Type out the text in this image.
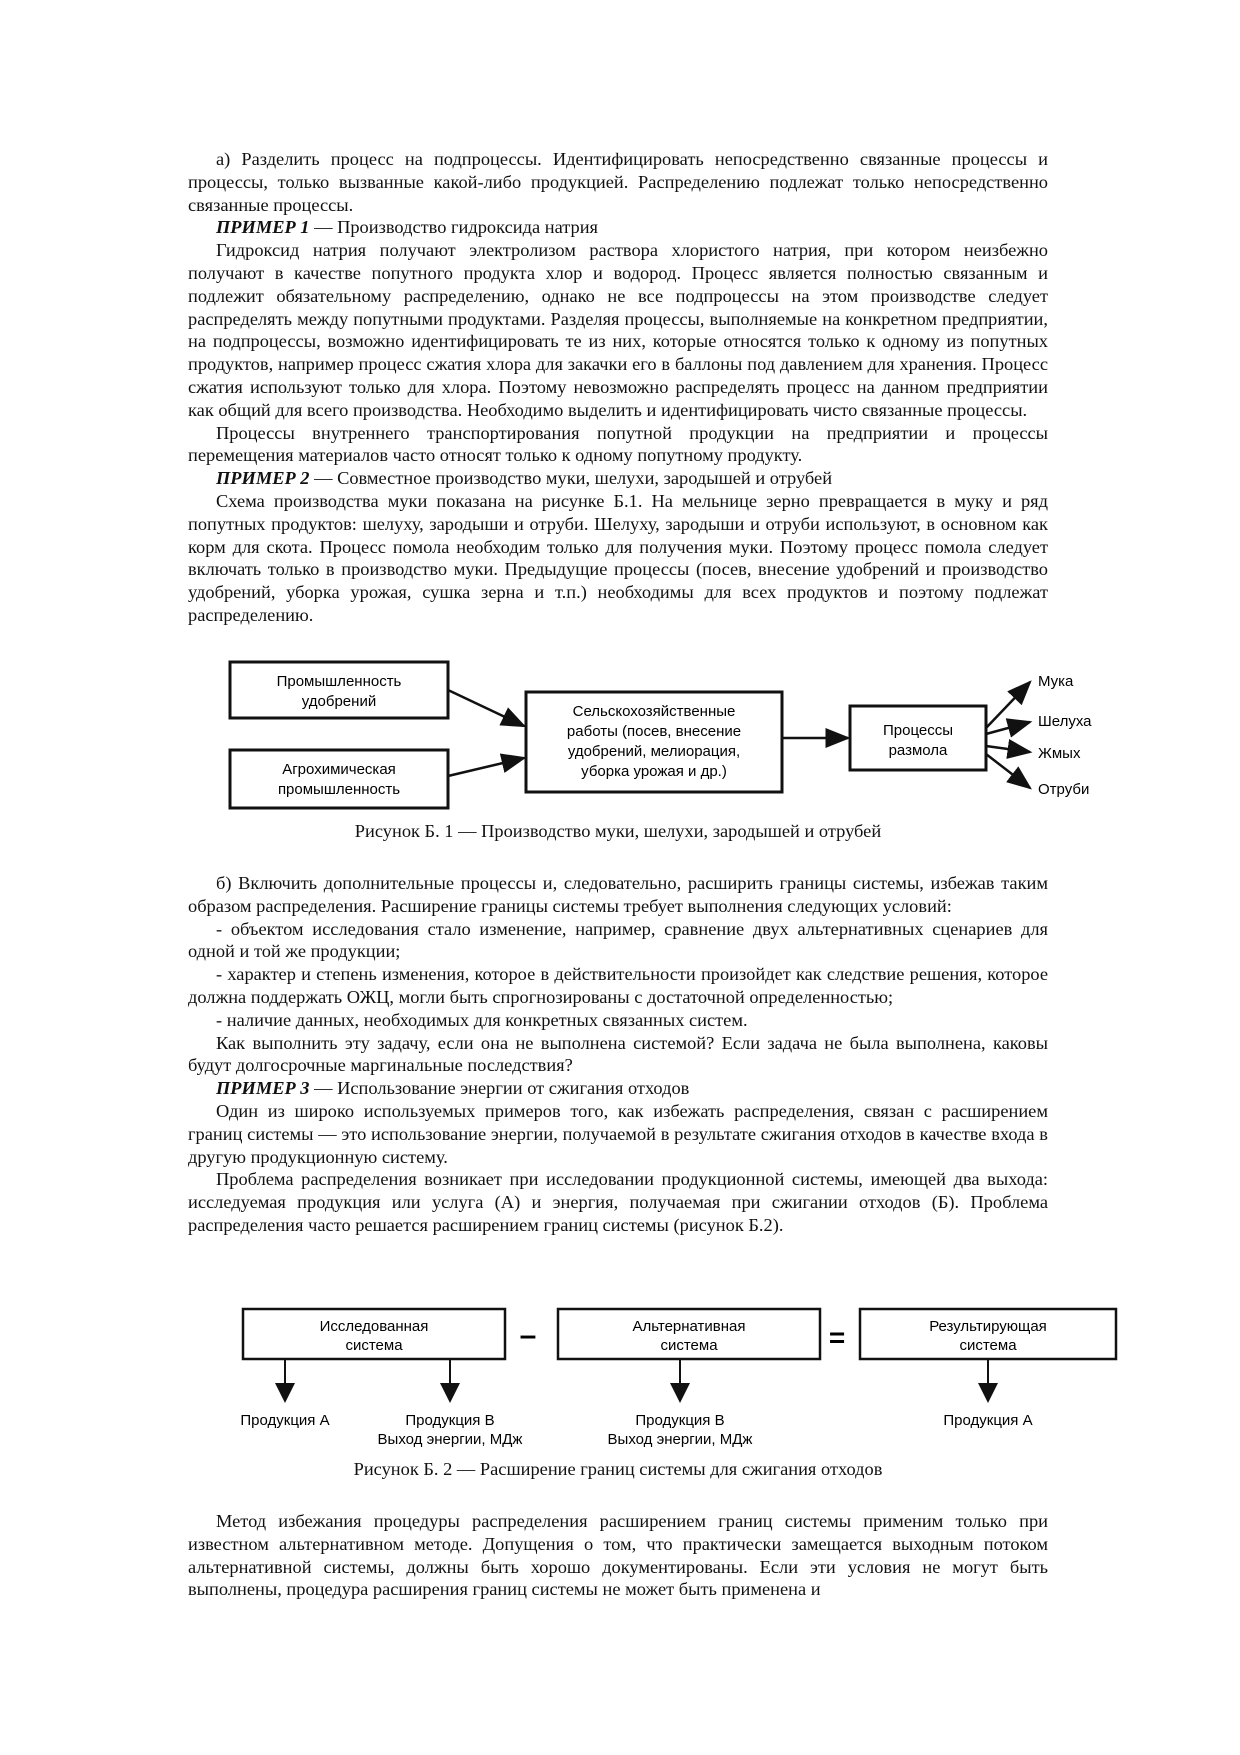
а) Разделить процесс на подпроцессы. Идентифицировать непосредственно связанные процессы и процессы, только вызванные какой-либо продукцией. Распределению подлежат только непосредственно связанные процессы.

ПРИМЕР 1 — Производство гидроксида натрия

Гидроксид натрия получают электролизом раствора хлористого натрия, при котором неизбежно получают в качестве попутного продукта хлор и водород. Процесс является полностью связанным и подлежит обязательному распределению, однако не все подпроцессы на этом производстве следует распределять между попутными продуктами. Разделяя процессы, выполняемые на конкретном предприятии, на подпроцессы, возможно идентифицировать те из них, которые относятся только к одному из попутных продуктов, например процесс сжатия хлора для закачки его в баллоны под давлением для хранения. Процесс сжатия используют только для хлора. Поэтому невозможно распределять процесс на данном предприятии как общий для всего производства. Необходимо выделить и идентифицировать чисто связанные процессы.

Процессы внутреннего транспортирования попутной продукции на предприятии и процессы перемещения материалов часто относят только к одному попутному продукту.

ПРИМЕР 2 — Совместное производство муки, шелухи, зародышей и отрубей

Схема производства муки показана на рисунке Б.1. На мельнице зерно превращается в муку и ряд попутных продуктов: шелуху, зародыши и отруби. Шелуху, зародыши и отруби используют, в основном как корм для скота. Процесс помола необходим только для получения муки. Поэтому процесс помола следует включать только в производство муки. Предыдущие процессы (посев, внесение удобрений и производство удобрений, уборка урожая, сушка зерна и т.п.) необходимы для всех продуктов и поэтому подлежат распределению.

Промышленность
удобрений
Агрохимическая
промышленность
Сельскохозяйственные
работы (посев, внесение
удобрений, мелиорация,
уборка урожая и др.)
Процессы
размола
Мука
Шелуха
Жмых
Отруби
Рисунок Б. 1 — Производство муки, шелухи, зародышей и отрубей

б) Включить дополнительные процессы и, следовательно, расширить границы системы, избежав таким образом распределения. Расширение границы системы требует выполнения следующих условий:

- объектом исследования стало изменение, например, сравнение двух альтернативных сценариев для одной и той же продукции;

- характер и степень изменения, которое в действительности произойдет как следствие решения, которое должна поддержать ОЖЦ, могли быть спрогнозированы с достаточной определенностью;

- наличие данных, необходимых для конкретных связанных систем.

Как выполнить эту задачу, если она не выполнена системой? Если задача не была выполнена, каковы будут долгосрочные маргинальные последствия?

ПРИМЕР 3 — Использование энергии от сжигания отходов

Один из широко используемых примеров того, как избежать распределения, связан с расширением границ системы — это использование энергии, получаемой в результате сжигания отходов в качестве входа в другую продукционную систему.

Проблема распределения возникает при исследовании продукционной системы, имеющей два выхода: исследуемая продукция или услуга (А) и энергия, получаемая при сжигании отходов (Б). Проблема распределения часто решается расширением границ системы (рисунок Б.2).

–	=
Исследованная
система
Альтернативная
система
Результирующая
система
Продукция А	Продукция В
Выход энергии, МДж
Продукция В
Выход энергии, МДж
Продукция А
Рисунок Б. 2 — Расширение границ системы для сжигания отходов

Метод избежания процедуры распределения расширением границ системы применим только при известном альтернативном методе. Допущения о том, что практически замещается выходным потоком альтернативной системы, должны быть хорошо документированы. Если эти условия не могут быть выполнены, процедура расширения границ системы не может быть применена и
